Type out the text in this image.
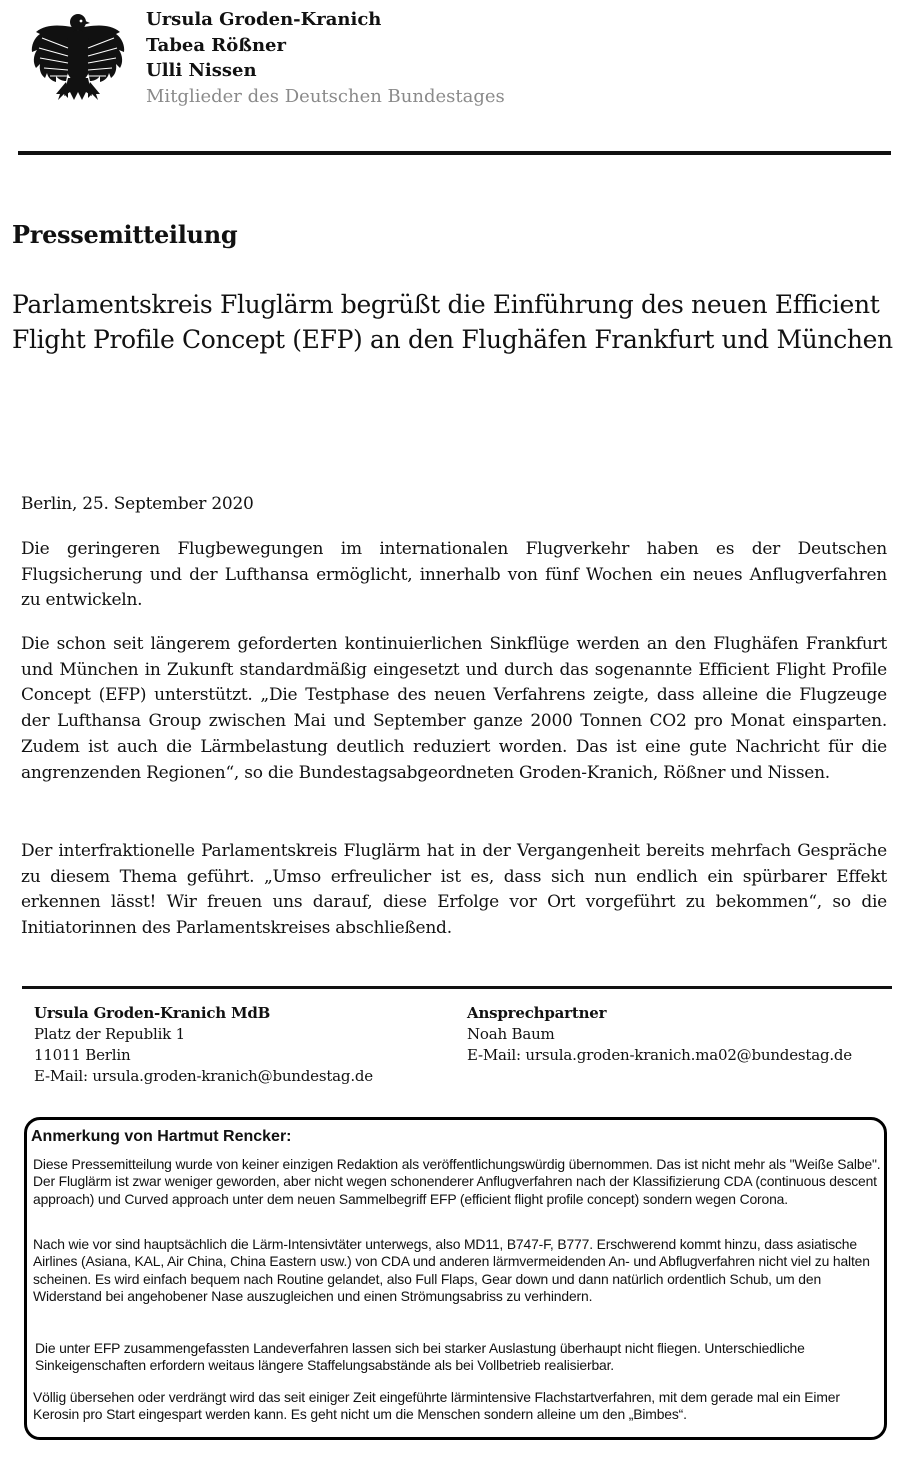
Ursula Groden-Kranich
Tabea Rößner
Ulli Nissen
Mitglieder des Deutschen Bundestages
Pressemitteilung
Parlamentskreis Fluglärm begrüßt die Einführung des neuen Efficient Flight Profile Concept (EFP) an den Flughäfen Frankfurt und München
Berlin, 25. September 2020
Die geringeren Flugbewegungen im internationalen Flugverkehr haben es der Deutschen Flugsicherung und der Lufthansa ermöglicht, innerhalb von fünf Wochen ein neues Anflugverfahren zu entwickeln.
Die schon seit längerem geforderten kontinuierlichen Sinkflüge werden an den Flughäfen Frankfurt und München in Zukunft standardmäßig eingesetzt und durch das sogenannte Efficient Flight Profile Concept (EFP) unterstützt. „Die Testphase des neuen Verfahrens zeigte, dass alleine die Flugzeuge der Lufthansa Group zwischen Mai und September ganze 2000 Tonnen CO2 pro Monat einsparten. Zudem ist auch die Lärmbelastung deutlich reduziert worden. Das ist eine gute Nachricht für die angrenzenden Regionen“, so die Bundestagsabgeordneten Groden-Kranich, Rößner und Nissen.
Der interfraktionelle Parlamentskreis Fluglärm hat in der Vergangenheit bereits mehrfach Gespräche zu diesem Thema geführt. „Umso erfreulicher ist es, dass sich nun endlich ein spürbarer Effekt erkennen lässt! Wir freuen uns darauf, diese Erfolge vor Ort vorgeführt zu bekommen“, so die Initiatorinnen des Parlamentskreises abschließend.
Ursula Groden-Kranich MdB
Platz der Republik 1
11011 Berlin
E-Mail: ursula.groden-kranich@bundestag.de
Ansprechpartner
Noah Baum
E-Mail: ursula.groden-kranich.ma02@bundestag.de
Anmerkung von Hartmut Rencker:
Diese Pressemitteilung wurde von keiner einzigen Redaktion als veröffentlichungswürdig übernommen. Das ist nicht mehr als "Weiße Salbe". Der Fluglärm ist zwar weniger geworden, aber nicht wegen schonenderer Anflugverfahren nach der Klassifizierung CDA (continuous descent approach) und Curved approach unter dem neuen Sammelbegriff EFP (efficient flight profile concept) sondern wegen Corona.
Nach wie vor sind hauptsächlich die Lärm-Intensivtäter unterwegs, also MD11, B747-F, B777. Erschwerend kommt hinzu, dass asiatische Airlines (Asiana, KAL, Air China, China Eastern usw.) von CDA und anderen lärmvermeidenden An- und Abflugverfahren nicht viel zu halten scheinen. Es wird einfach bequem nach Routine gelandet, also Full Flaps, Gear down und dann natürlich ordentlich Schub, um den Widerstand bei angehobener Nase auszugleichen und einen Strömungsabriss zu verhindern.
Die unter EFP zusammengefassten Landeverfahren lassen sich bei starker Auslastung überhaupt nicht fliegen. Unterschiedliche Sinkeigenschaften erfordern weitaus längere Staffelungsabstände als bei Vollbetrieb realisierbar.
Völlig übersehen oder verdrängt wird das seit einiger Zeit eingeführte lärmintensive Flachstartverfahren, mit dem gerade mal ein Eimer Kerosin pro Start eingespart werden kann. Es geht nicht um die Menschen sondern alleine um den „Bimbes“.
